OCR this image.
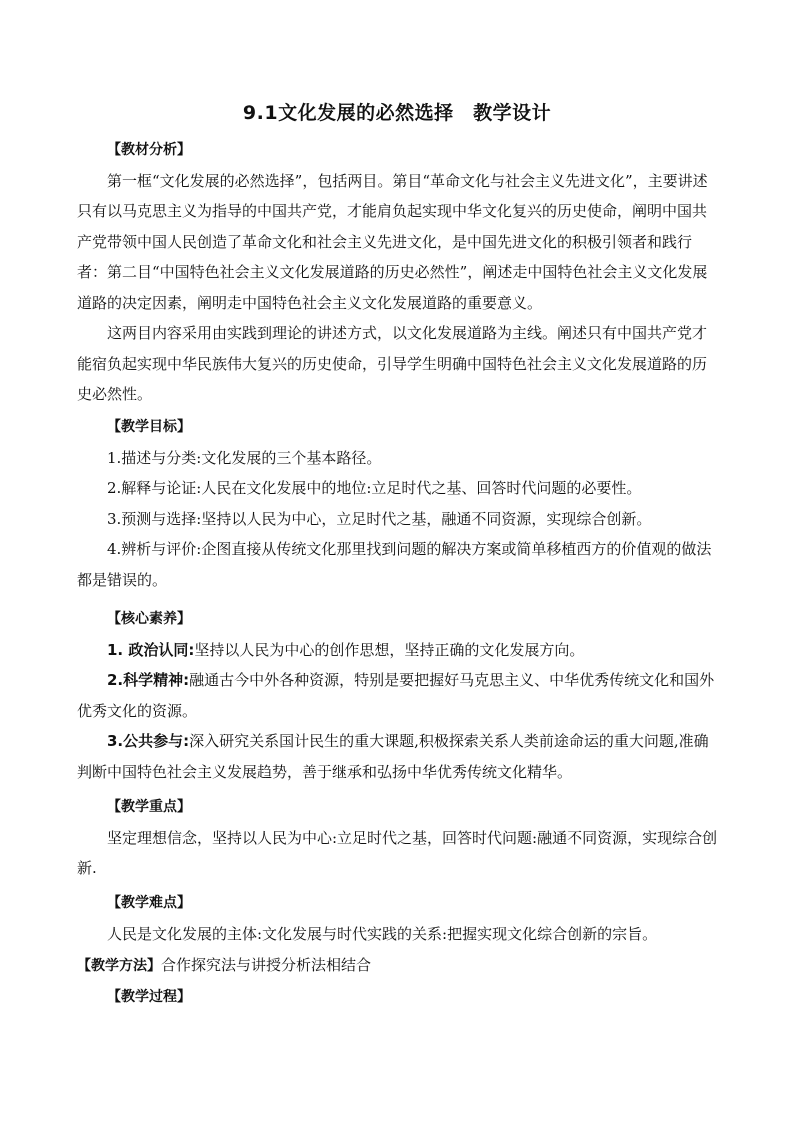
9.1文化发展的必然选择　教学设计

【教材分析】

第一框“文化发展的必然选择”，包括两目。第目“革命文化与社会主义先进文化”，主要讲述只有以马克思主义为指导的中国共产党，才能肩负起实现中华文化复兴的历史使命，阐明中国共产党带领中国人民创造了革命文化和社会主义先进文化，是中国先进文化的积极引领者和践行者：第二目“中国特色社会主义文化发展道路的历史必然性”，阐述走中国特色社会主义文化发展道路的决定因素，阐明走中国特色社会主义文化发展道路的重要意义。

这两目内容采用由实践到理论的讲述方式，以文化发展道路为主线。阐述只有中国共产党才能宿负起实现中华民族伟大复兴的历史使命，引导学生明确中国特色社会主义文化发展道路的历史必然性。

【教学目标】

1.描述与分类:文化发展的三个基本路径。

2.解释与论证:人民在文化发展中的地位:立足时代之基、回答时代问题的必要性。

3.预测与选择:坚持以人民为中心，立足时代之基，融通不同资源，实现综合创新。

4.辨析与评价:企图直接从传统文化那里找到问题的解决方案或简单移植西方的价值观的做法都是错误的。

【核心素养】

1. 政治认同:坚持以人民为中心的创作思想，坚持正确的文化发展方向。

2.科学精神:融通古今中外各种资源，特别是要把握好马克思主义、中华优秀传统文化和国外优秀文化的资源。

3.公共参与:深入研究关系国计民生的重大课题,积极探索关系人类前途命运的重大问题,准确判断中国特色社会主义发展趋势，善于继承和弘扬中华优秀传统文化精华。

【教学重点】

坚定理想信念，坚持以人民为中心:立足时代之基，回答时代问题:融通不同资源，实现综合创新.

【教学难点】

人民是文化发展的主体:文化发展与时代实践的关系:把握实现文化综合创新的宗旨。

【教学方法】合作探究法与讲授分析法相结合

【教学过程】
